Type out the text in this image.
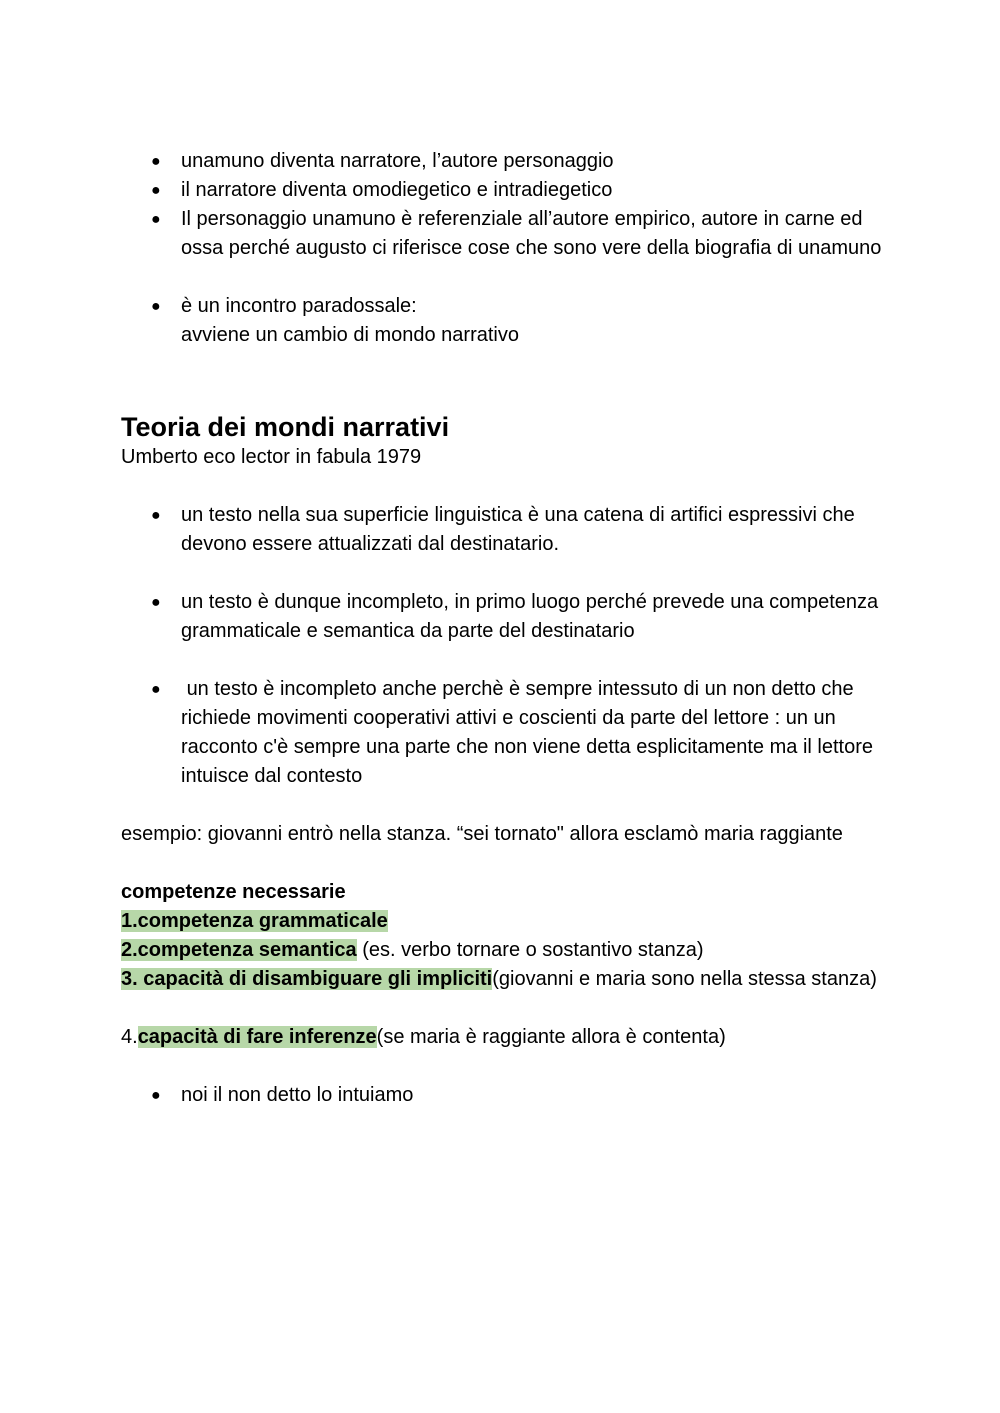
● unamuno diventa narratore, l’autore personaggio
● il narratore diventa omodiegetico e intradiegetico
● Il personaggio unamuno è referenziale all’autore empirico, autore in carne ed ossa perché augusto ci riferisce cose che sono vere della biografia di unamuno
● è un incontro paradossale:
avviene un cambio di mondo narrativo
Teoria dei mondi narrativi

Umberto eco lector in fabula 1979

● un testo nella sua superficie linguistica è una catena di artifici espressivi che devono essere attualizzati dal destinatario.
● un testo è dunque incompleto, in primo luogo perché prevede una competenza grammaticale e semantica da parte del destinatario
● un testo è incompleto anche perchè è sempre intessuto di un non detto che richiede movimenti cooperativi attivi e coscienti da parte del lettore : un un racconto c'è sempre una parte che non viene detta esplicitamente ma il lettore intuisce dal contesto

esempio: giovanni entrò nella stanza. “sei tornato" allora esclamò maria raggiante

competenze necessarie

1.competenza grammaticale

2.competenza semantica (es. verbo tornare o sostantivo stanza)

3. capacità di disambiguare gli impliciti(giovanni e maria sono nella stessa stanza)

4.capacità di fare inferenze(se maria è raggiante allora è contenta)

● noi il non detto lo intuiamo
